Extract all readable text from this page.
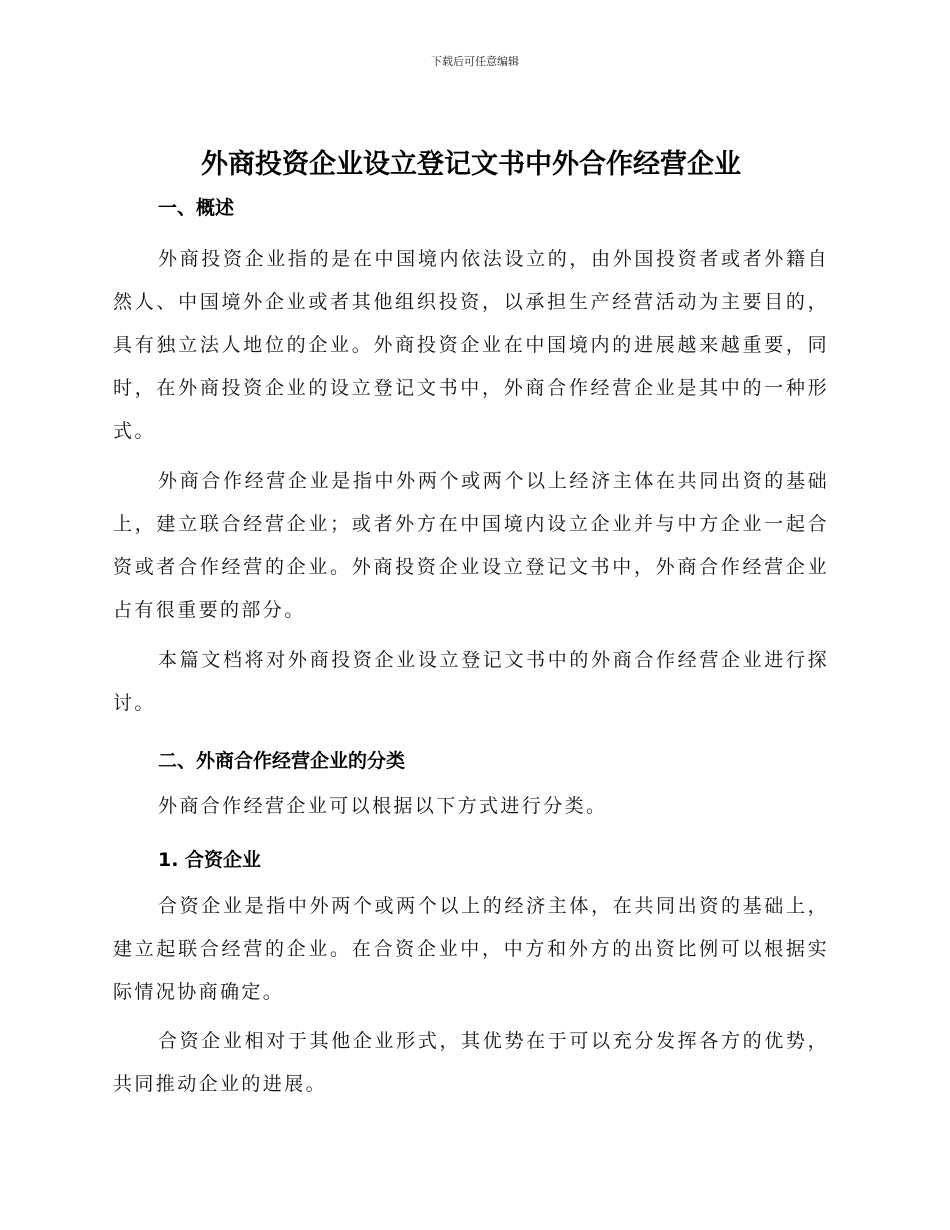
下载后可任意编辑
外商投资企业设立登记文书中外合作经营企业
一、概述

外商投资企业指的是在中国境内依法设立的，由外国投资者或者外籍自然人、中国境外企业或者其他组织投资，以承担生产经营活动为主要目的，具有独立法人地位的企业。外商投资企业在中国境内的进展越来越重要，同时，在外商投资企业的设立登记文书中，外商合作经营企业是其中的一种形式。

外商合作经营企业是指中外两个或两个以上经济主体在共同出资的基础上，建立联合经营企业；或者外方在中国境内设立企业并与中方企业一起合资或者合作经营的企业。外商投资企业设立登记文书中，外商合作经营企业占有很重要的部分。

本篇文档将对外商投资企业设立登记文书中的外商合作经营企业进行探讨。

二、外商合作经营企业的分类

外商合作经营企业可以根据以下方式进行分类。

1. 合资企业

合资企业是指中外两个或两个以上的经济主体，在共同出资的基础上，建立起联合经营的企业。在合资企业中，中方和外方的出资比例可以根据实际情况协商确定。

合资企业相对于其他企业形式，其优势在于可以充分发挥各方的优势，共同推动企业的进展。
